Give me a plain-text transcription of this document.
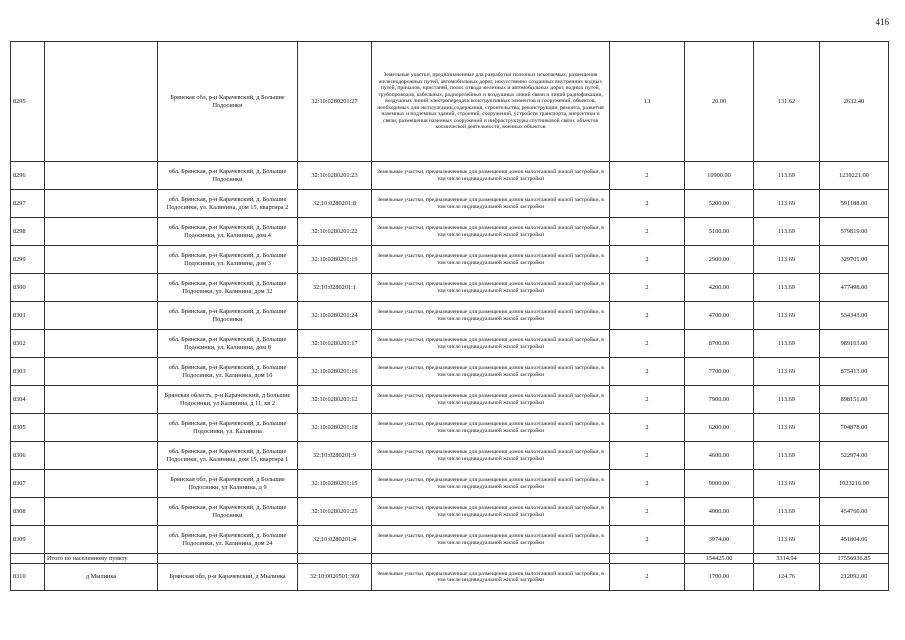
416
8295		Брянская обл, р-н Карачевский, д Большие Подосинки	32:10:0280201:27	Земельные участки, предназначенные для разработки полезных ископаемых, размещения железнодорожных путей, автомобильных дорог, искусственно созданных внутренних водных путей, причалов, пристаней, полос отвода железных и автомобильных дорог, водных путей, трубопроводов, кабельных, радиорелейных и воздушных линий связи и линий радиофикации, воздушных линий электропередачи конструктивных элементов и сооружений, объектов, необходимых для эксплуатации,содержания, строительства, реконструкции, ремонта, развития наземных и подземных зданий, строений, сооружений, устройств транспорта, энергетики и связи; размещения наземных сооружений и инфраструктуры спутниковой связи, объектов космической деятельности, военных объектов	13	20.00	131.62	2632.40
8296		обл. Брянская, р-н Карачевский, д. Большие Подосинки	32:10:0280201:23	Земельные участки, предназначенные для размещения домов малоэтажной жилой застройки, в том числе индивидуальной жилой застройки	2	10900.00	113.69	1239221.00
8297		обл. Брянская, р-н Карачевский, д. Большие Подосинки, ул. Калинина, дом 15, квартира 2	32:10:0280201:8	Земельные участки, предназначенные для размещения домов малоэтажной жилой застройки, в том числе индивидуальной жилой застройки	2	5200.00	113.69	591188.00
8298		обл. Брянская, р-н Карачевский, д. Большие Подосинки, ул. Калинина, дом 4	32:10:0280201:22	Земельные участки, предназначенные для размещения домов малоэтажной жилой застройки, в том числе индивидуальной жилой застройки	2	5100.00	113.69	579819.00
8299		обл. Брянская, р-н Карачевский, д. Большие Подосинки, ул. Калинина, дом 3	32:10:0280201:19	Земельные участки, предназначенные для размещения домов малоэтажной жилой застройки, в том числе индивидуальной жилой застройки	2	2900.00	113.69	329701.00
8300		обл. Брянская, р-н Карачевский, д. Большие Подосинки, ул. Калинина, дом 32	32:10:0280201:1	Земельные участки, предназначенные для размещения домов малоэтажной жилой застройки, в том числе индивидуальной жилой застройки	2	4200.00	113.69	477498.00
8301		обл. Брянская, р-н Карачевский, д. Большие Подосинки	32:10:0280201:24	Земельные участки, предназначенные для размещения домов малоэтажной жилой застройки, в том числе индивидуальной жилой застройки	2	4700.00	113.69	534343.00
8302		обл. Брянская, р-н Карачевский, д. Большие Подосинки, ул. Калинина, дом 8	32:10:0280201:17	Земельные участки, предназначенные для размещения домов малоэтажной жилой застройки, в том числе индивидуальной жилой застройки	2	8700.00	113.69	989103.00
8303		обл. Брянская, р-н Карачевский, д. Большие Подосинки, ул. Калинина, дом 10	32:10:0280201:16	Земельные участки, предназначенные для размещения домов малоэтажной жилой застройки, в том числе индивидуальной жилой застройки	2	7700.00	113.69	875413.00
8304		Брянская область, р-н Карачевский, д Большие Подосинки, ул Калинина, д 11, кв 2	32:10:0280201:12	Земельные участки, предназначенные для размещения домов малоэтажной жилой застройки, в том числе индивидуальной жилой застройки	2	7900.00	113.69	898151.00
8305		обл. Брянская, р-н Карачевский, д. Большие Подосинки, ул. Калинина	32:10:0280201:18	Земельные участки, предназначенные для размещения домов малоэтажной жилой застройки, в том числе индивидуальной жилой застройки	2	6200.00	113.69	704878.00
8306		обл. Брянская, р-н Карачевский, д. Большие Подосинки, ул. Калинина, дом 15, квартира 1	32:10:0280201:9	Земельные участки, предназначенные для размещения домов малоэтажной жилой застройки, в том числе индивидуальной жилой застройки	2	4600.00	113.69	522974.00
8307		Брянская обл, р-н Карачевский, д Большие Подосинки, ул Калинина, д 9	32:10:0280201:15	Земельные участки, предназначенные для размещения домов малоэтажной жилой застройки, в том числе индивидуальной жилой застройки	2	9000.00	113.69	1023210.00
8308		обл. Брянская, р-н Карачевский, д. Большие Подосинки	32:10:0280201:25	Земельные участки, предназначенные для размещения домов малоэтажной жилой застройки, в том числе индивидуальной жилой застройки	2	4000.00	113.69	454760.00
8309		обл. Брянская, р-н Карачевский, д. Большие Подосинки, ул. Калинина, дом 24	32:10:0280201:4	Земельные участки, предназначенные для размещения домов малоэтажной жилой застройки, в том числе индивидуальной жилой застройки	2	3974.00	113.69	451804.06
	Итого по населенному пункту					154425.00	3314.94	17556936.85
8310	д Мылинка	Брянская обл, р-н Карачевский, д Мылинка	32:10:0020501:369	Земельные участки, предназначенные для размещения домов малоэтажной жилой застройки, в том числе индивидуальной жилой застройки	2	1700.00	124.76	212092.00
